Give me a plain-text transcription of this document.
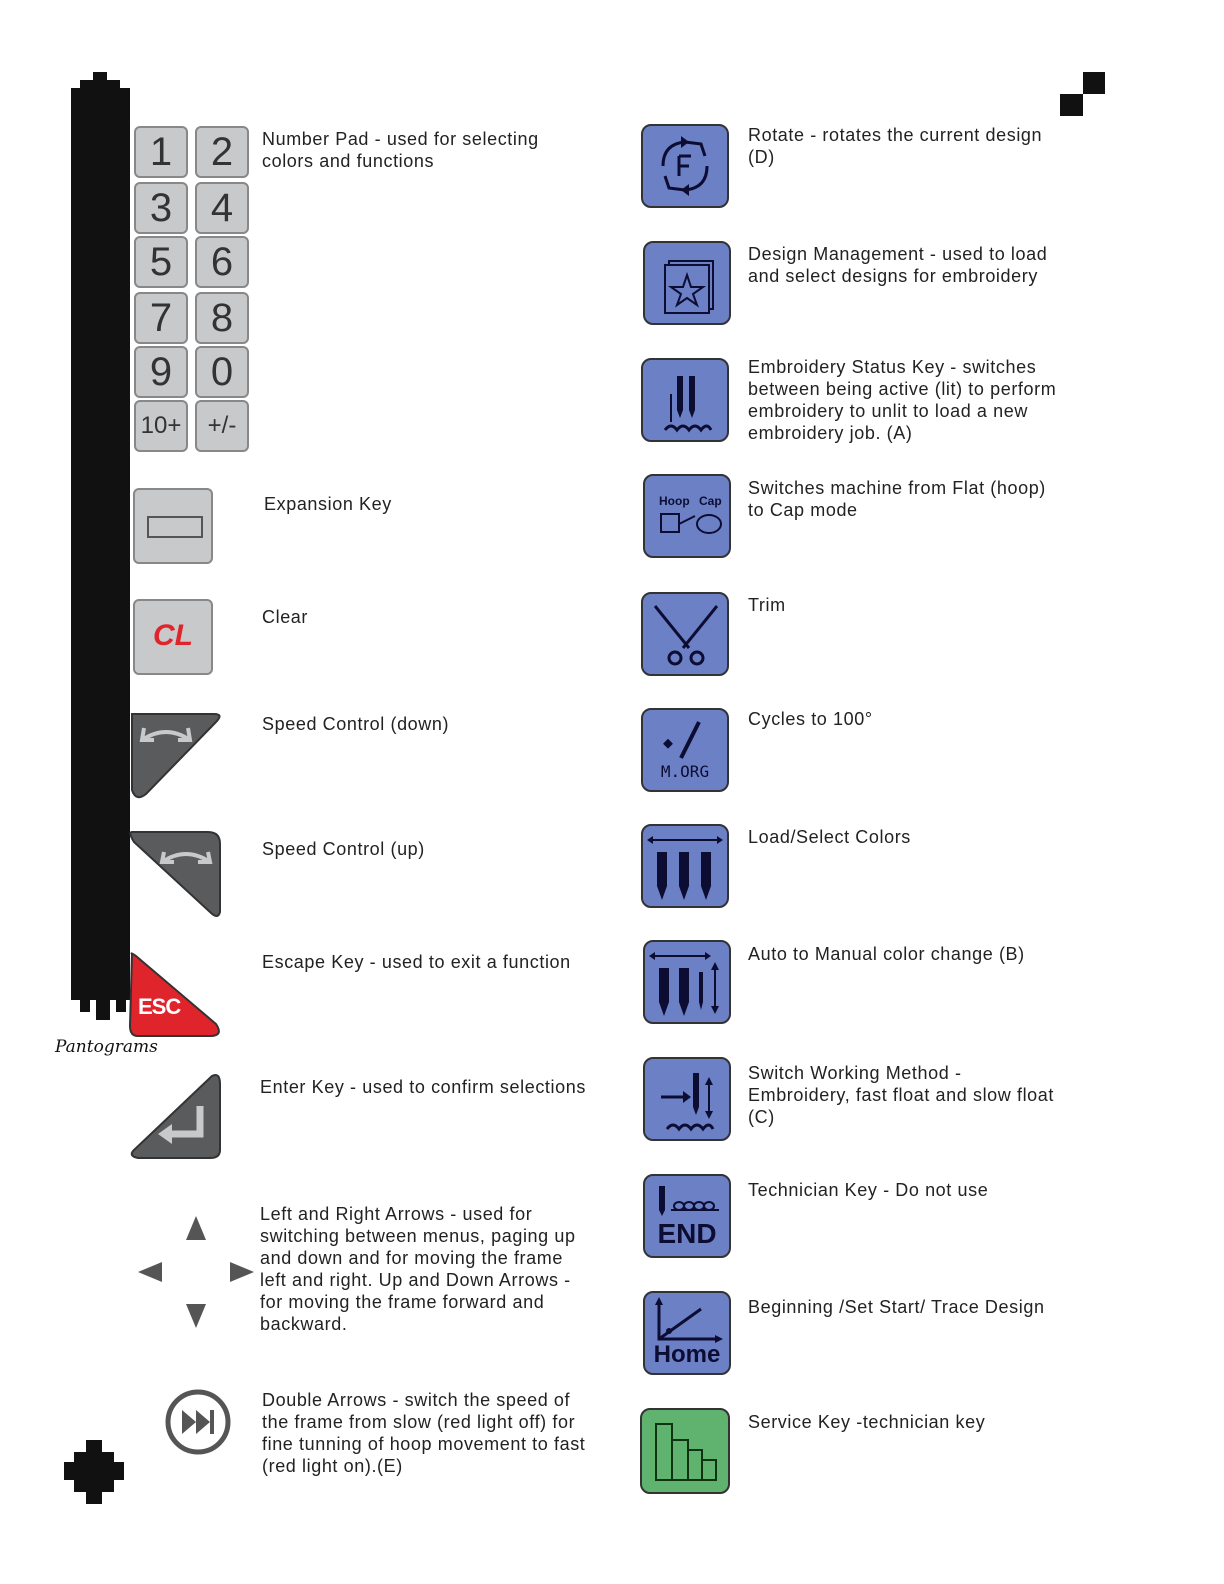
Pantograms
1 2
3 4
5 6
7 8
9 0
10+	+/-
Number Pad - used for selecting
colors and functions
Expansion Key
CL
Clear
Speed Control (down)
Speed Control (up)
ESC
Escape Key - used to exit a function
Enter Key - used to confirm selections
Left and Right Arrows - used for
switching between menus, paging up
and down and for moving the frame
left and right. Up and Down Arrows -
for moving the frame forward and
backward.
Double Arrows - switch the speed of
the frame from slow (red light off) for
fine tunning of hoop movement to fast
(red light on).(E)
Rotate - rotates the current design
(D)
Design Management - used to load
and select designs for embroidery
Embroidery Status Key - switches
between being active (lit) to perform
embroidery to unlit to load a new
embroidery job. (A)
Hoop Cap
Switches machine from Flat (hoop)
to Cap mode
Trim
M.ORG
Cycles to 100°
Load/Select Colors
Auto to Manual color change (B)
Switch Working Method -
Embroidery, fast float and slow float
(C)
END
Technician Key - Do not use
Home
Beginning /Set Start/ Trace Design
Service Key -technician key
